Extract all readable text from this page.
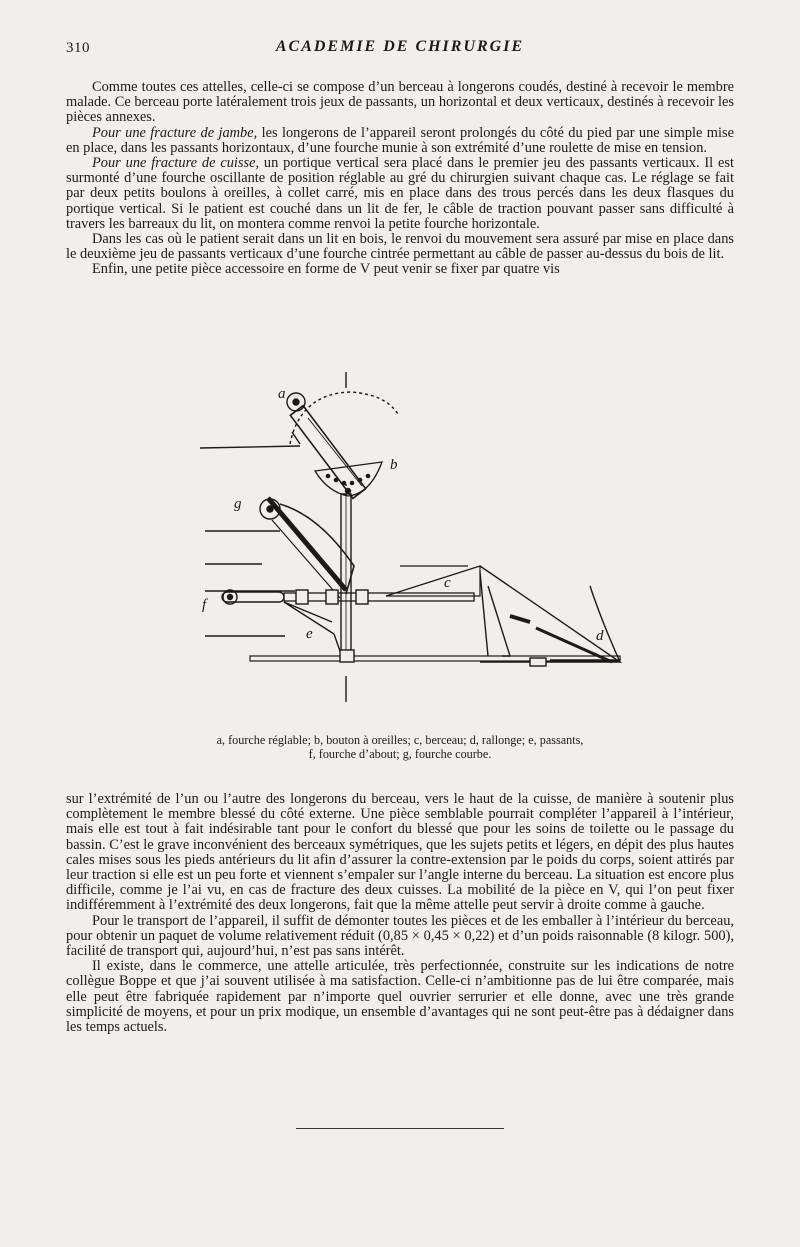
310	ACADEMIE DE CHIRURGIE

Comme toutes ces attelles, celle-ci se compose d’un berceau à longerons coudés, destiné à recevoir le membre malade. Ce berceau porte latéralement trois jeux de passants, un horizontal et deux verticaux, destinés à recevoir les pièces annexes.

Pour une fracture de jambe, les longerons de l’appareil seront prolongés du côté du pied par une simple mise en place, dans les passants horizontaux, d’une fourche munie à son extrémité d’une roulette de mise en tension.

Pour une fracture de cuisse, un portique vertical sera placé dans le premier jeu des passants verticaux. Il est surmonté d’une fourche oscillante de position réglable au gré du chirurgien suivant chaque cas. Le réglage se fait par deux petits boulons à oreilles, à collet carré, mis en place dans des trous percés dans les deux flasques du portique vertical. Si le patient est couché dans un lit de fer, le câble de traction pouvant passer sans difficulté à travers les barreaux du lit, on montera comme renvoi la petite fourche horizontale.

Dans les cas où le patient serait dans un lit en bois, le renvoi du mouvement sera assuré par mise en place dans le deuxième jeu de passants verticaux d’une fourche cintrée permettant au câble de passer au-dessus du bois de lit.

Enfin, une petite pièce accessoire en forme de V peut venir se fixer par quatre vis

a
b
g
c
f
e	d
a, fourche réglable; b, bouton à oreilles; c, berceau; d, rallonge; e, passants,
f, fourche d’about; g, fourche courbe.

sur l’extrémité de l’un ou l’autre des longerons du berceau, vers le haut de la cuisse, de manière à soutenir plus complètement le membre blessé du côté externe. Une pièce semblable pourrait compléter l’appareil à l’intérieur, mais elle est tout à fait indésirable tant pour le confort du blessé que pour les soins de toilette ou le passage du bassin. C’est le grave inconvénient des berceaux symétriques, que les sujets petits et légers, en dépit des plus hautes cales mises sous les pieds antérieurs du lit afin d’assurer la contre-extension par le poids du corps, soient attirés par leur traction si elle est un peu forte et viennent s’empaler sur l’angle interne du berceau. La situation est encore plus difficile, comme je l’ai vu, en cas de fracture des deux cuisses. La mobilité de la pièce en V, qui l’on peut fixer indifféremment à l’extrémité des deux longerons, fait que la même attelle peut servir à droite comme à gauche.

Pour le transport de l’appareil, il suffit de démonter toutes les pièces et de les emballer à l’intérieur du berceau, pour obtenir un paquet de volume relativement réduit (0,85 × 0,45 × 0,22) et d’un poids raisonnable (8 kilogr. 500), facilité de transport qui, aujourd’hui, n’est pas sans intérêt.

Il existe, dans le commerce, une attelle articulée, très perfectionnée, construite sur les indications de notre collègue Boppe et que j’ai souvent utilisée à ma satisfaction. Celle-ci n’ambitionne pas de lui être comparée, mais elle peut être fabriquée rapidement par n’importe quel ouvrier serrurier et elle donne, avec une très grande simplicité de moyens, et pour un prix modique, un ensemble d’avantages qui ne sont peut-être pas à dédaigner dans les temps actuels.
